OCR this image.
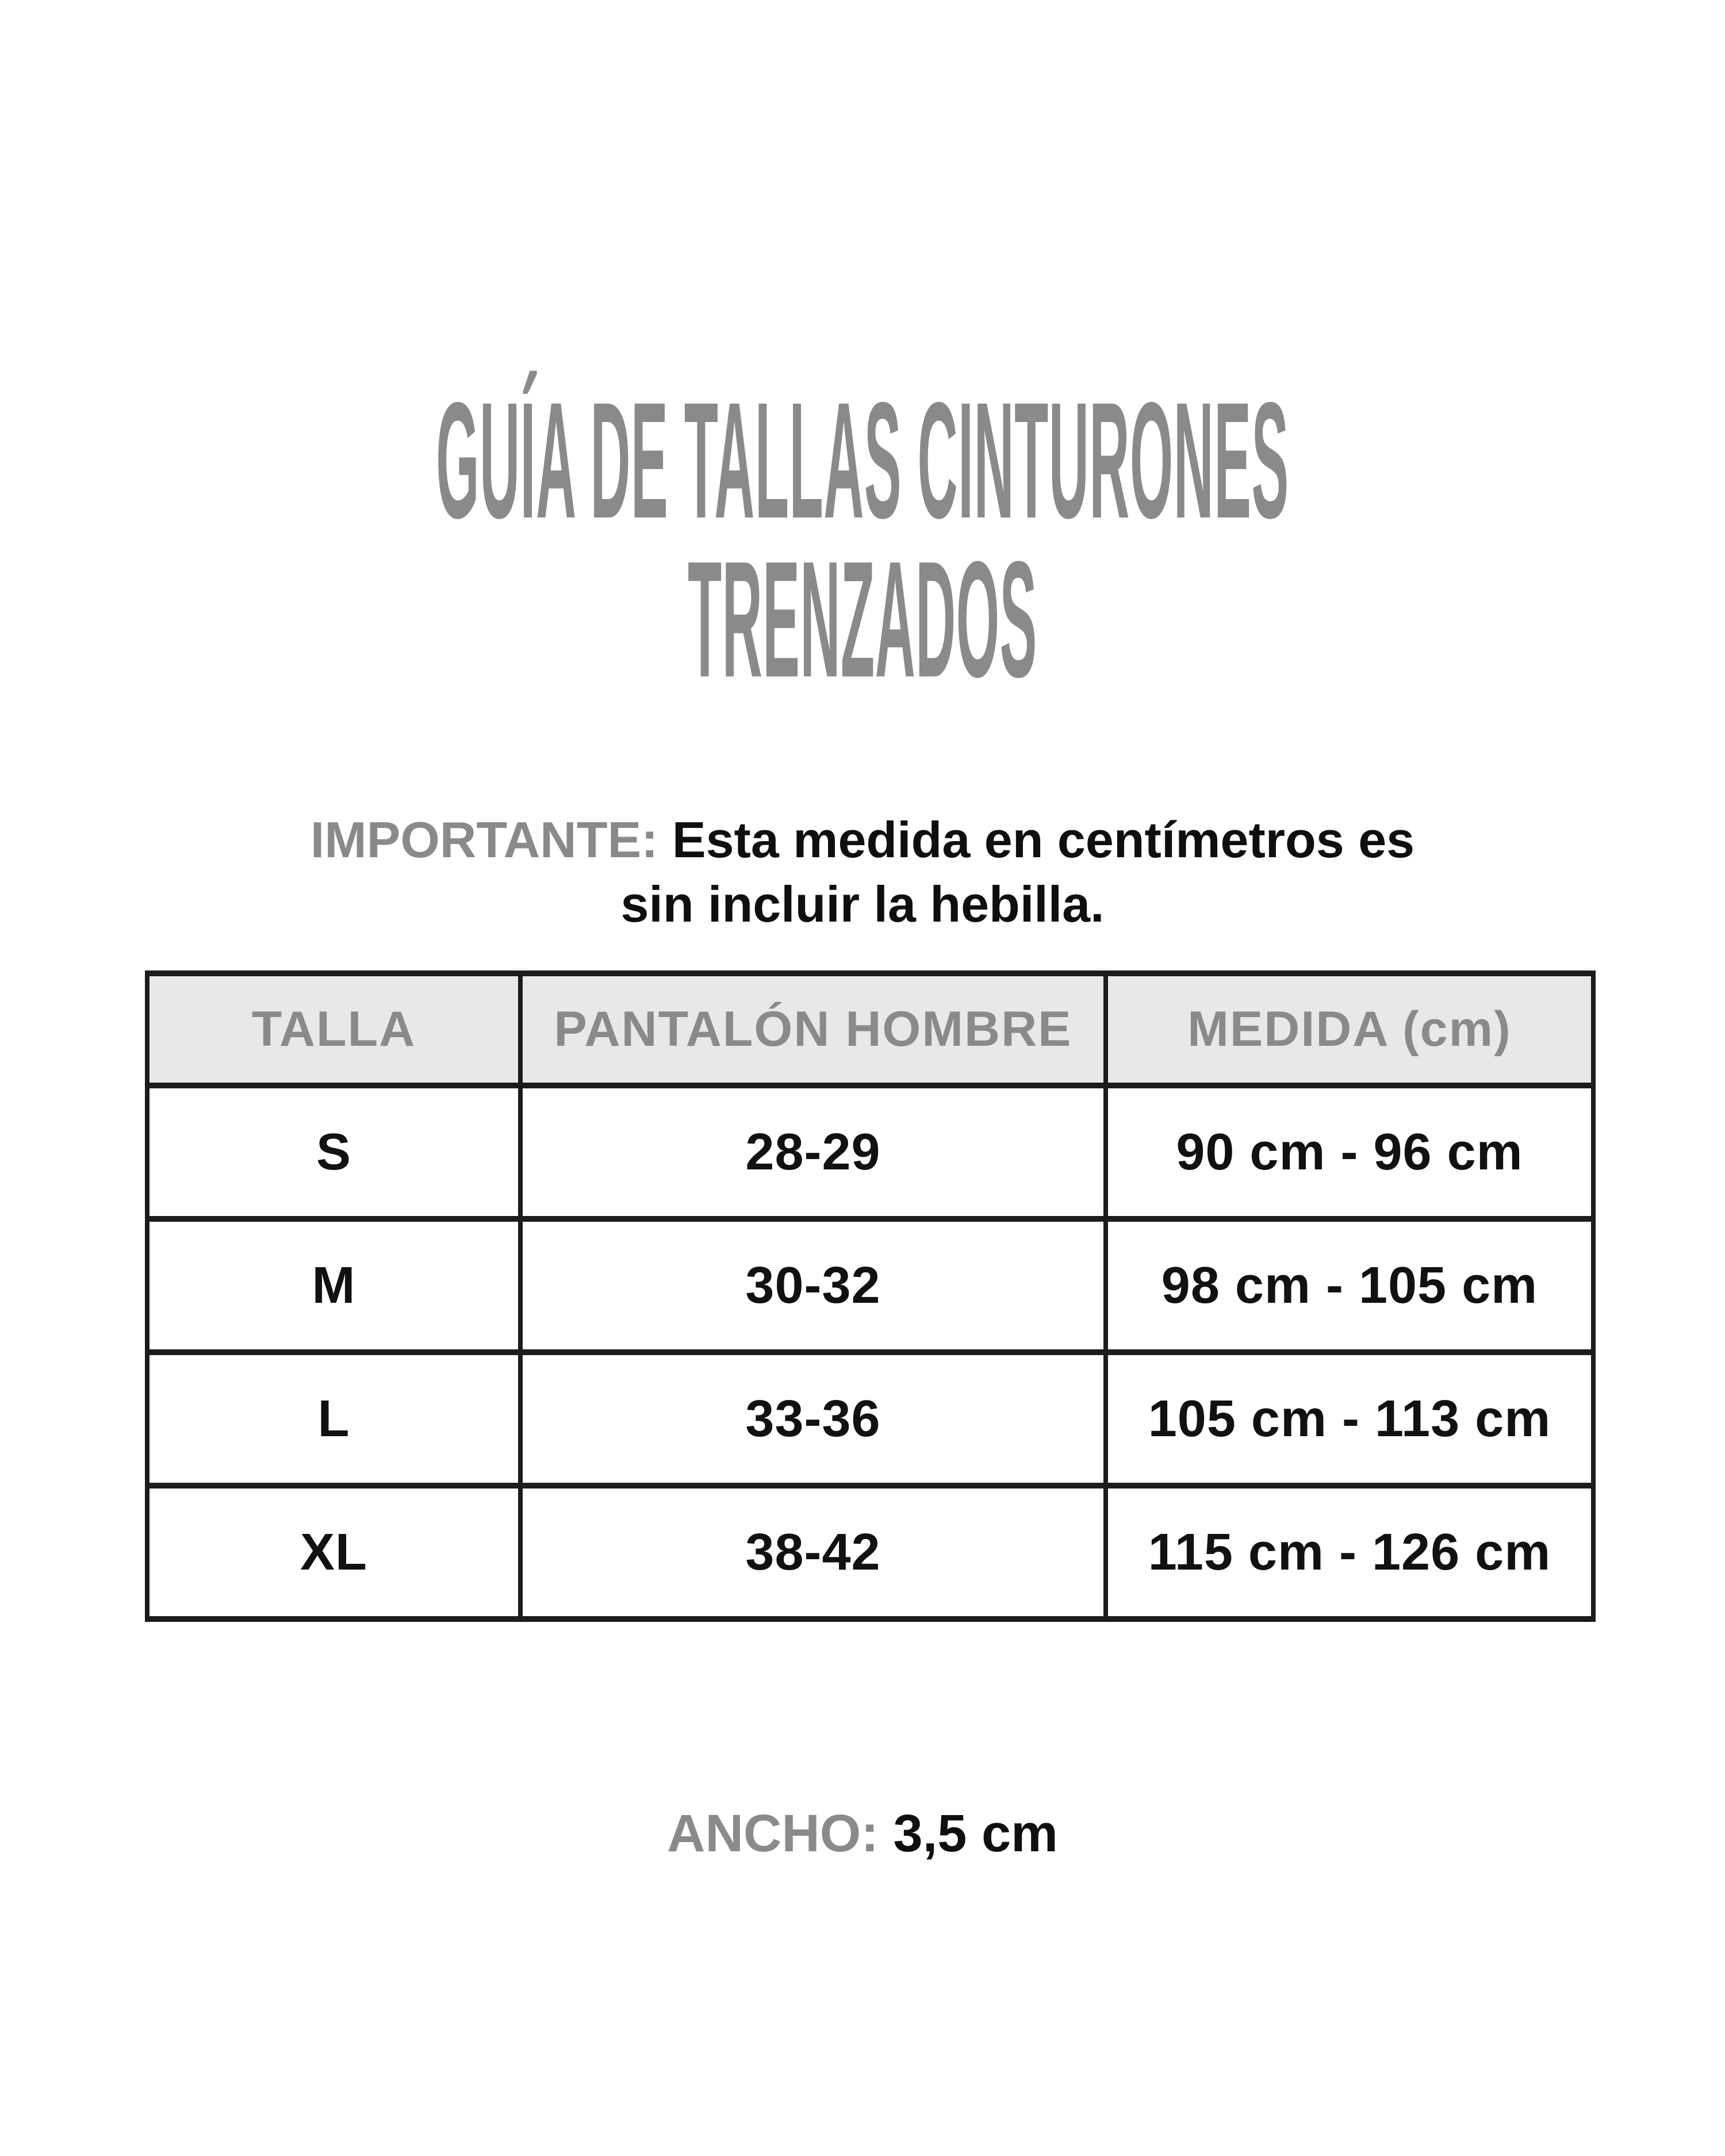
GUÍA DE TALLAS CINTURONES
TRENZADOS

IMPORTANTE: Esta medida en centímetros es
sin incluir la hebilla.

TALLA	PANTALÓN HOMBRE	MEDIDA (cm)
S	28-29	90 cm - 96 cm
M	30-32	98 cm - 105 cm
L	33-36	105 cm - 113 cm
XL	38-42	115 cm - 126 cm

ANCHO: 3,5 cm
